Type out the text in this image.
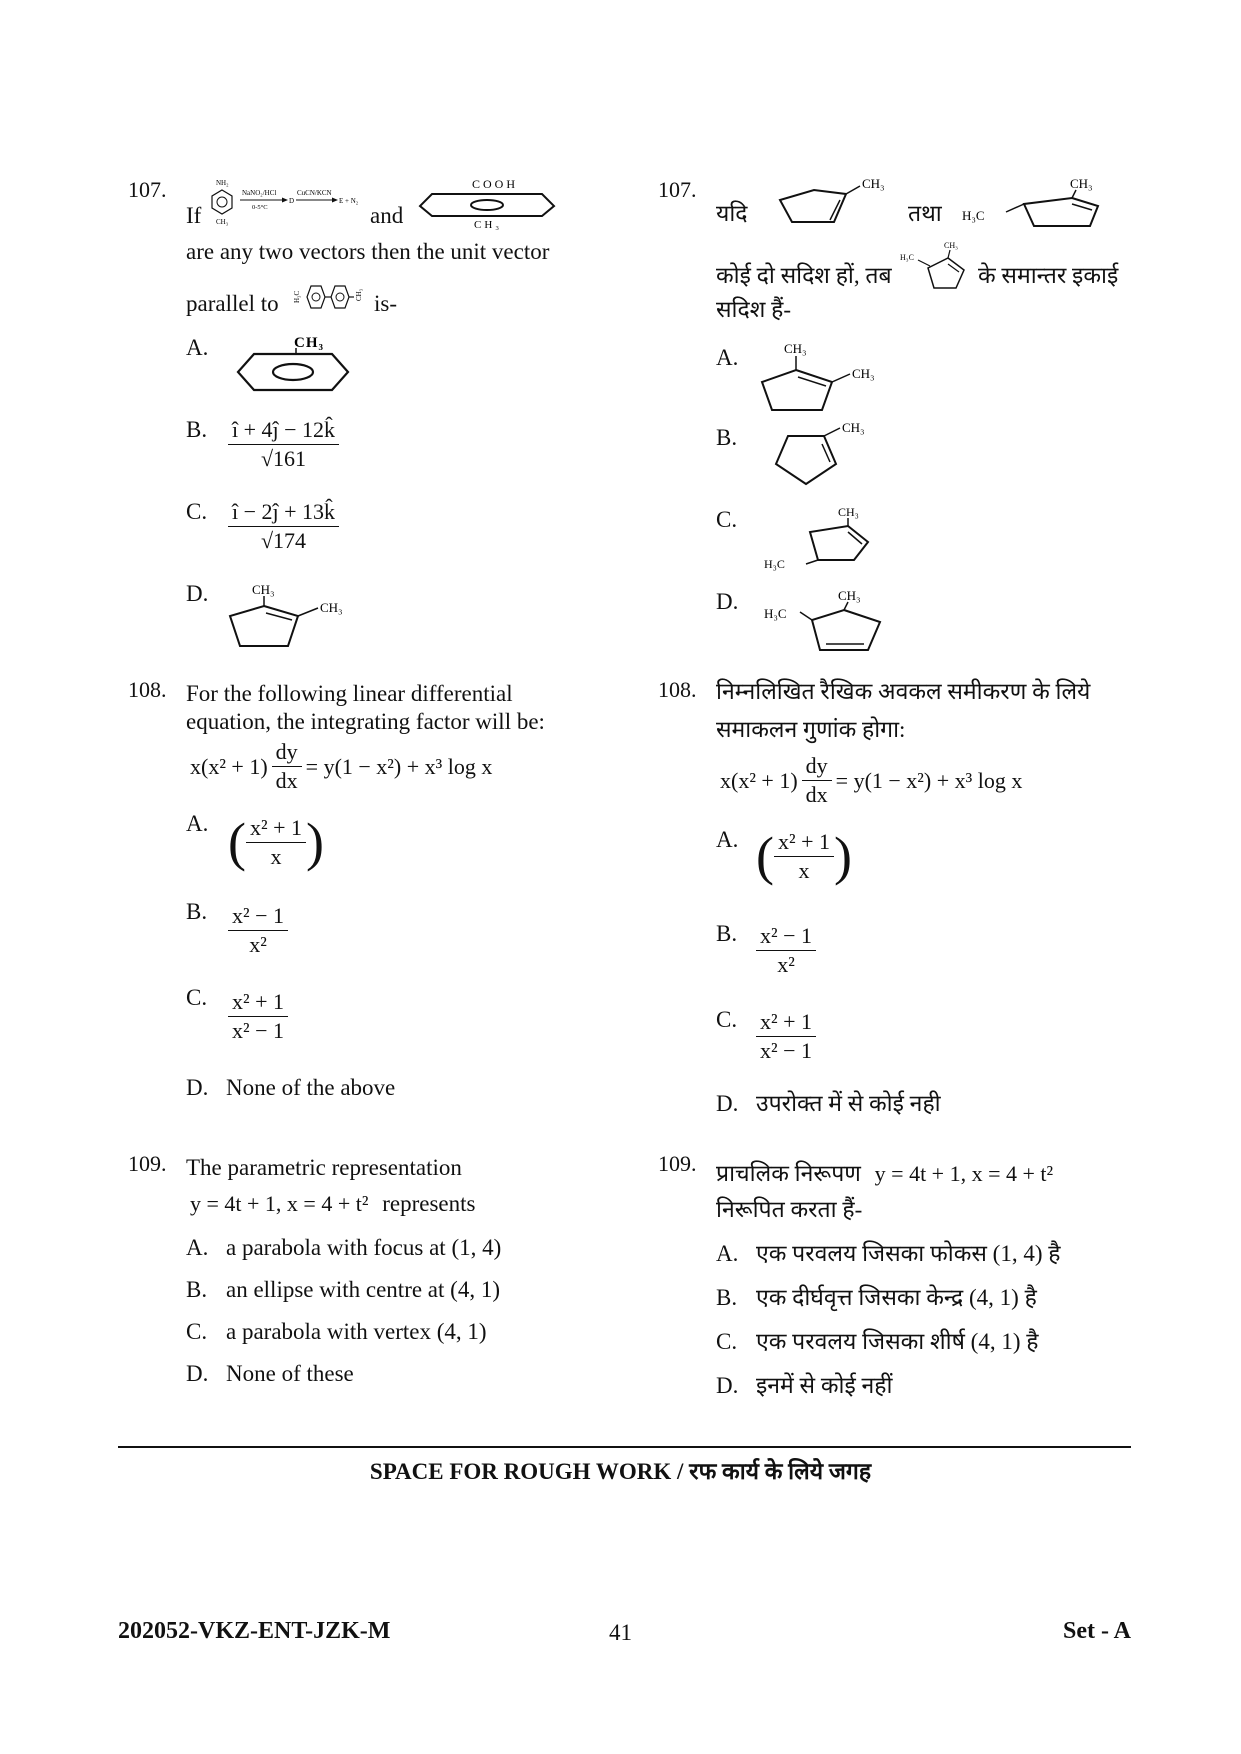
107.
If
NH₂
CH₃
NaNO₂/HCl
0-5°C
D
CuCN/KCN
E + N₂
and
COOH
CH₃
are any two vectors then the unit vector
parallel to H₃C	CH₃ is-
A.	CH₃
B. $\frac{î + 4ĵ - 12k̂}{√161}$
C. $\frac{î - 2ĵ + 13k̂}{√174}$
D.	CH₃
CH₃
108. For the following linear differential
equation, the integrating factor will be:
$x(x^2 + 1) \frac{dy}{dx} = y(1 - x^2) + x^3$ log x
A. ( $\frac{\text{x² + 1}}{x}$ )
B. $\frac{\text{x² − 1}}{\text{x²}}$
C. $\frac{\text{x² + 1}}{\text{x² − 1}}$
D. None of the above
109. The parametric representation
y = 4t + 1, x = 4 + t² represents
A. a parabola with focus at (1, 4)
B. an ellipse with centre at (4, 1)
C. a parabola with vertex (4, 1)
D. None of these
107.
यदि
CH₃
तथा
CH₃
H₃C
कोई दो सदिश हों, तब
H₃C
CH₃
के समान्तर इकाई
सदिश हैं-
A.	CH₃
CH₃
B.	CH₃
C.	CH₃
H₃C
D. H₃C
CH₃
108. निम्नलिखित रैखिक अवकल समीकरण के लिये
समाकलन गुणांक होगा:
$x(x^2 + 1) \frac{dy}{dx} = y(1 - x^2) + x^3$ log x
A. ( $\frac{\text{x² + 1}}{x}$ )
B. $\frac{\text{x² − 1}}{\text{x²}}$
C. $\frac{\text{x² + 1}}{\text{x² − 1}}$
D. उपरोक्त में से कोई नही
109. प्राचलिक निरूपण y = 4t + 1, x = 4 + t²
निरूपित करता हैं-
A. एक परवलय जिसका फोकस (1, 4) है
B. एक दीर्घवृत्त जिसका केन्द्र (4, 1) है
C. एक परवलय जिसका शीर्ष (4, 1) है
D. इनमें से कोई नहीं
SPACE FOR ROUGH WORK / रफ कार्य के लिये जगह
202052-VKZ-ENT-JZK-M	41	Set - A
